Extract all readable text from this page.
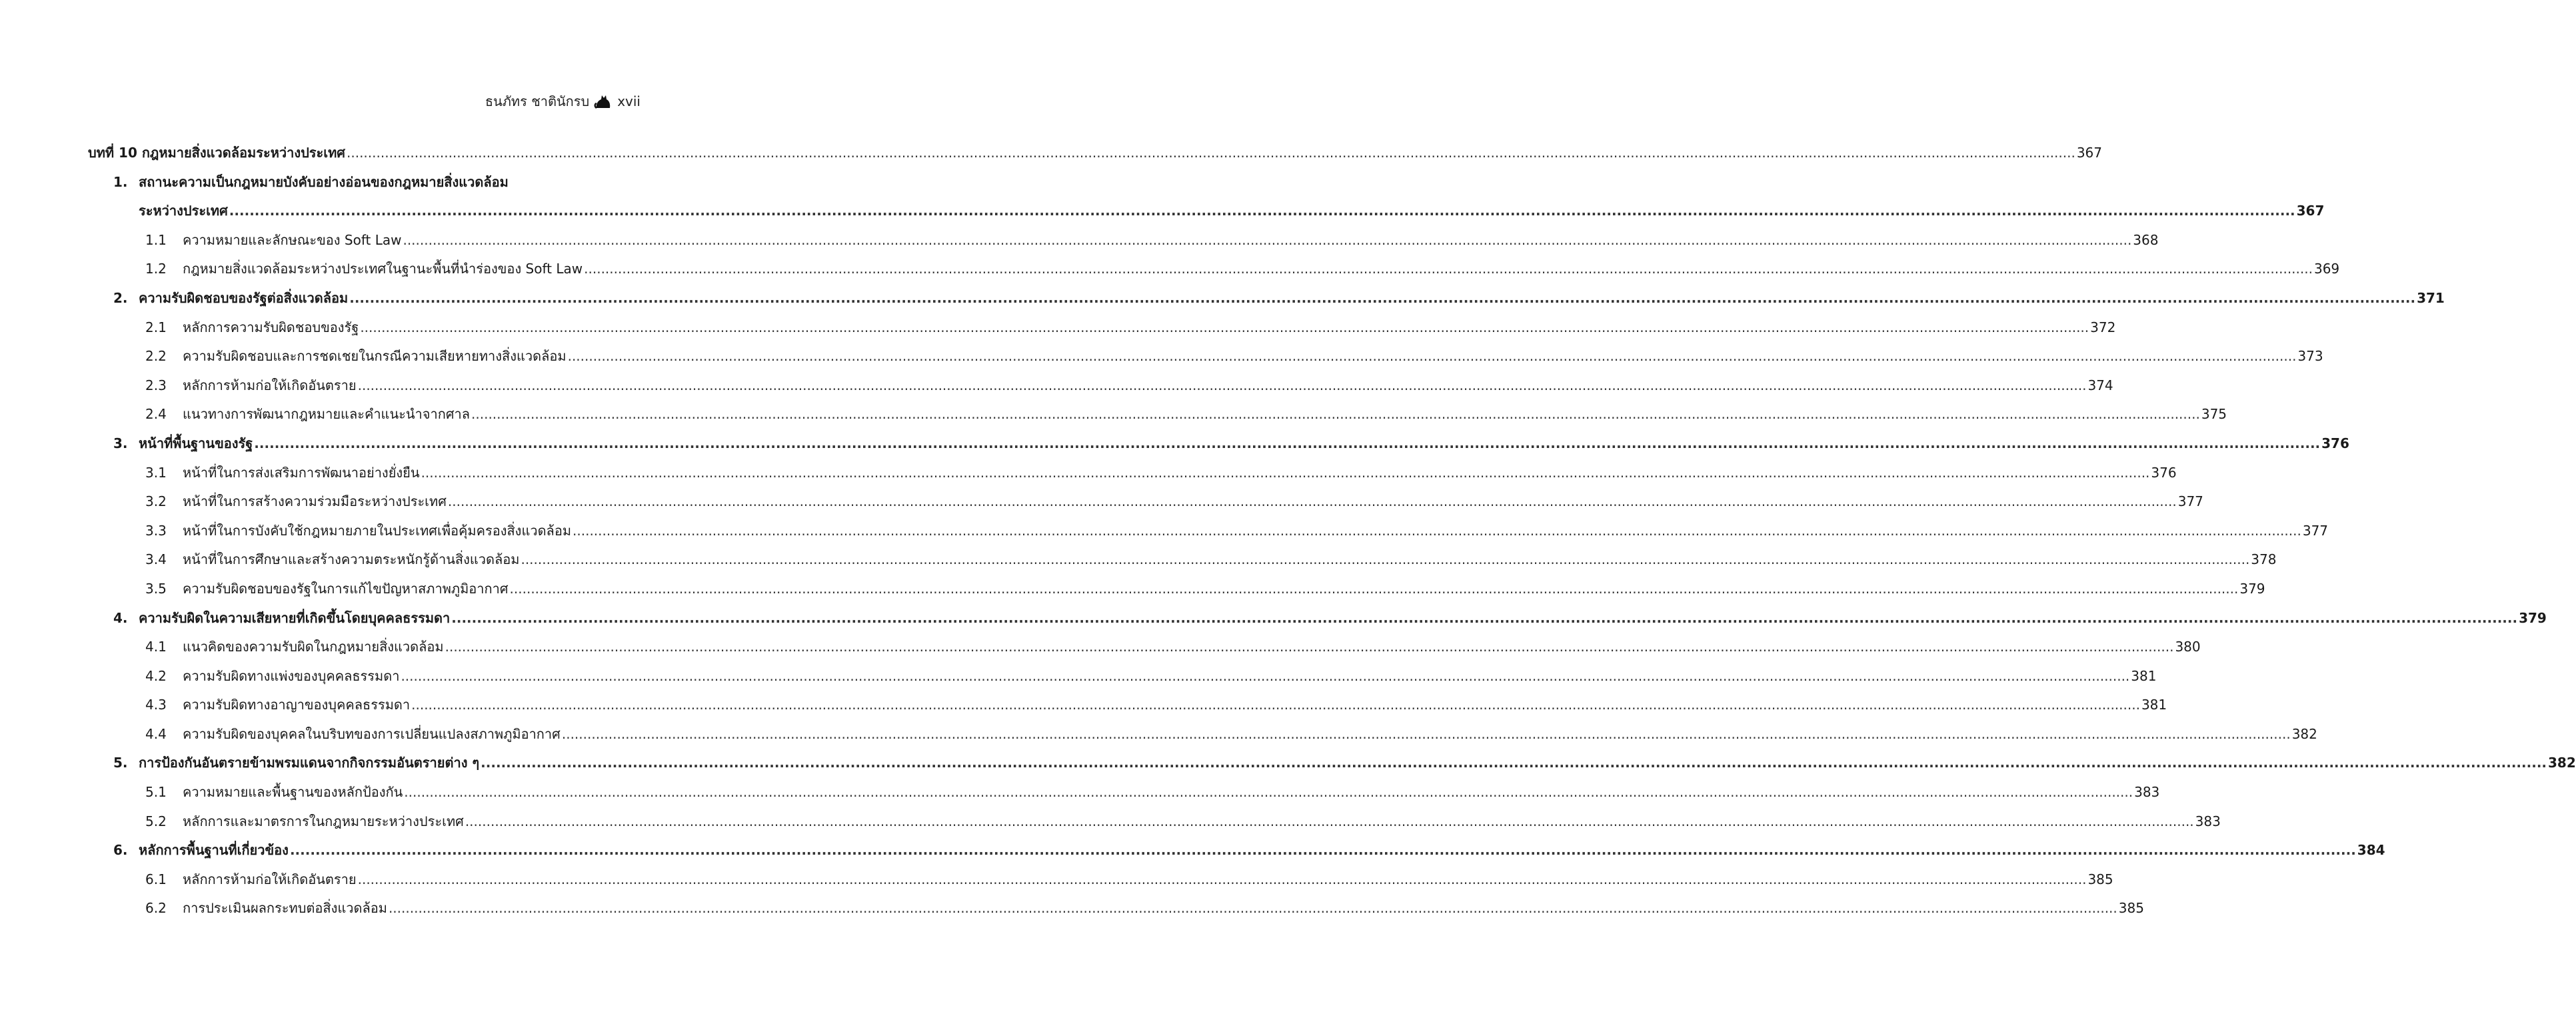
ธนภัทร ชาตินักรบ xvii
บทที่ 10 กฎหมายสิ่งแวดล้อมระหว่างประเทศ .....	367
1. สถานะความเป็นกฎหมายบังคับอย่างอ่อนของกฎหมายสิ่งแวดล้อม
ระหว่างประเทศ .....	367
1.1	ความหมายและลักษณะของ Soft Law .....	368
1.2	กฎหมายสิ่งแวดล้อมระหว่างประเทศในฐานะพื้นที่นำร่องของ Soft Law .....	369
2. ความรับผิดชอบของรัฐต่อสิ่งแวดล้อม .....	371
2.1	หลักการความรับผิดชอบของรัฐ .....	372
2.2	ความรับผิดชอบและการชดเชยในกรณีความเสียหายทางสิ่งแวดล้อม .....	373
2.3	หลักการห้ามก่อให้เกิดอันตราย .....	374
2.4	แนวทางการพัฒนากฎหมายและคำแนะนำจากศาล .....	375
3. หน้าที่พื้นฐานของรัฐ .....	376
3.1	หน้าที่ในการส่งเสริมการพัฒนาอย่างยั่งยืน .....	376
3.2	หน้าที่ในการสร้างความร่วมมือระหว่างประเทศ .....	377
3.3	หน้าที่ในการบังคับใช้กฎหมายภายในประเทศเพื่อคุ้มครองสิ่งแวดล้อม .....	377
3.4	หน้าที่ในการศึกษาและสร้างความตระหนักรู้ด้านสิ่งแวดล้อม .....	378
3.5	ความรับผิดชอบของรัฐในการแก้ไขปัญหาสภาพภูมิอากาศ .....	379
4. ความรับผิดในความเสียหายที่เกิดขึ้นโดยบุคคลธรรมดา .....	379
4.1	แนวคิดของความรับผิดในกฎหมายสิ่งแวดล้อม .....	380
4.2	ความรับผิดทางแพ่งของบุคคลธรรมดา .....	381
4.3	ความรับผิดทางอาญาของบุคคลธรรมดา .....	381
4.4	ความรับผิดของบุคคลในบริบทของการเปลี่ยนแปลงสภาพภูมิอากาศ .....	382
5. การป้องกันอันตรายข้ามพรมแดนจากกิจกรรมอันตรายต่าง ๆ .....	382
5.1	ความหมายและพื้นฐานของหลักป้องกัน .....	383
5.2	หลักการและมาตรการในกฎหมายระหว่างประเทศ .....	383
6. หลักการพื้นฐานที่เกี่ยวข้อง .....	384
6.1	หลักการห้ามก่อให้เกิดอันตราย .....	385
6.2	การประเมินผลกระทบต่อสิ่งแวดล้อม .....	385
